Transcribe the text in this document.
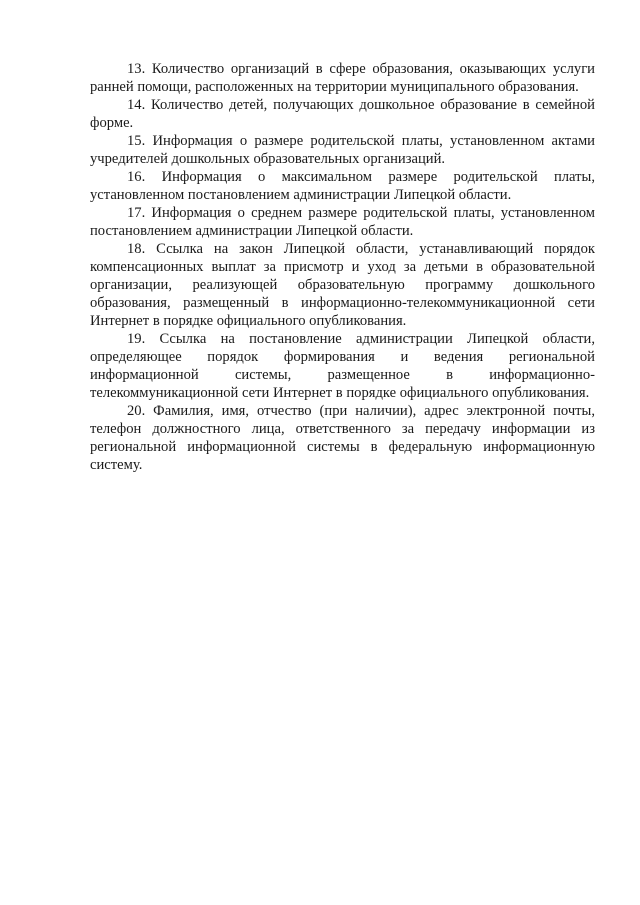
13. Количество организаций в сфере образования, оказывающих услуги ранней помощи, расположенных на территории муниципального образования.

14. Количество детей, получающих дошкольное образование в семейной форме.

15. Информация о размере родительской платы, установленном актами учредителей дошкольных образовательных организаций.

16. Информация о максимальном размере родительской платы, установленном постановлением администрации Липецкой области.

17. Информация о среднем размере родительской платы, установленном постановлением администрации Липецкой области.

18. Ссылка на закон Липецкой области, устанавливающий порядок компенсационных выплат за присмотр и уход за детьми в образовательной организации, реализующей образовательную программу дошкольного образования, размещенный в информационно-телекоммуникационной сети Интернет в порядке официального опубликования.

19. Ссылка на постановление администрации Липецкой области, определяющее порядок формирования и ведения региональной информационной системы, размещенное в информационно-телекоммуникационной сети Интернет в порядке официального опубликования.

20. Фамилия, имя, отчество (при наличии), адрес электронной почты, телефон должностного лица, ответственного за передачу информации из региональной информационной системы в федеральную информационную систему.
